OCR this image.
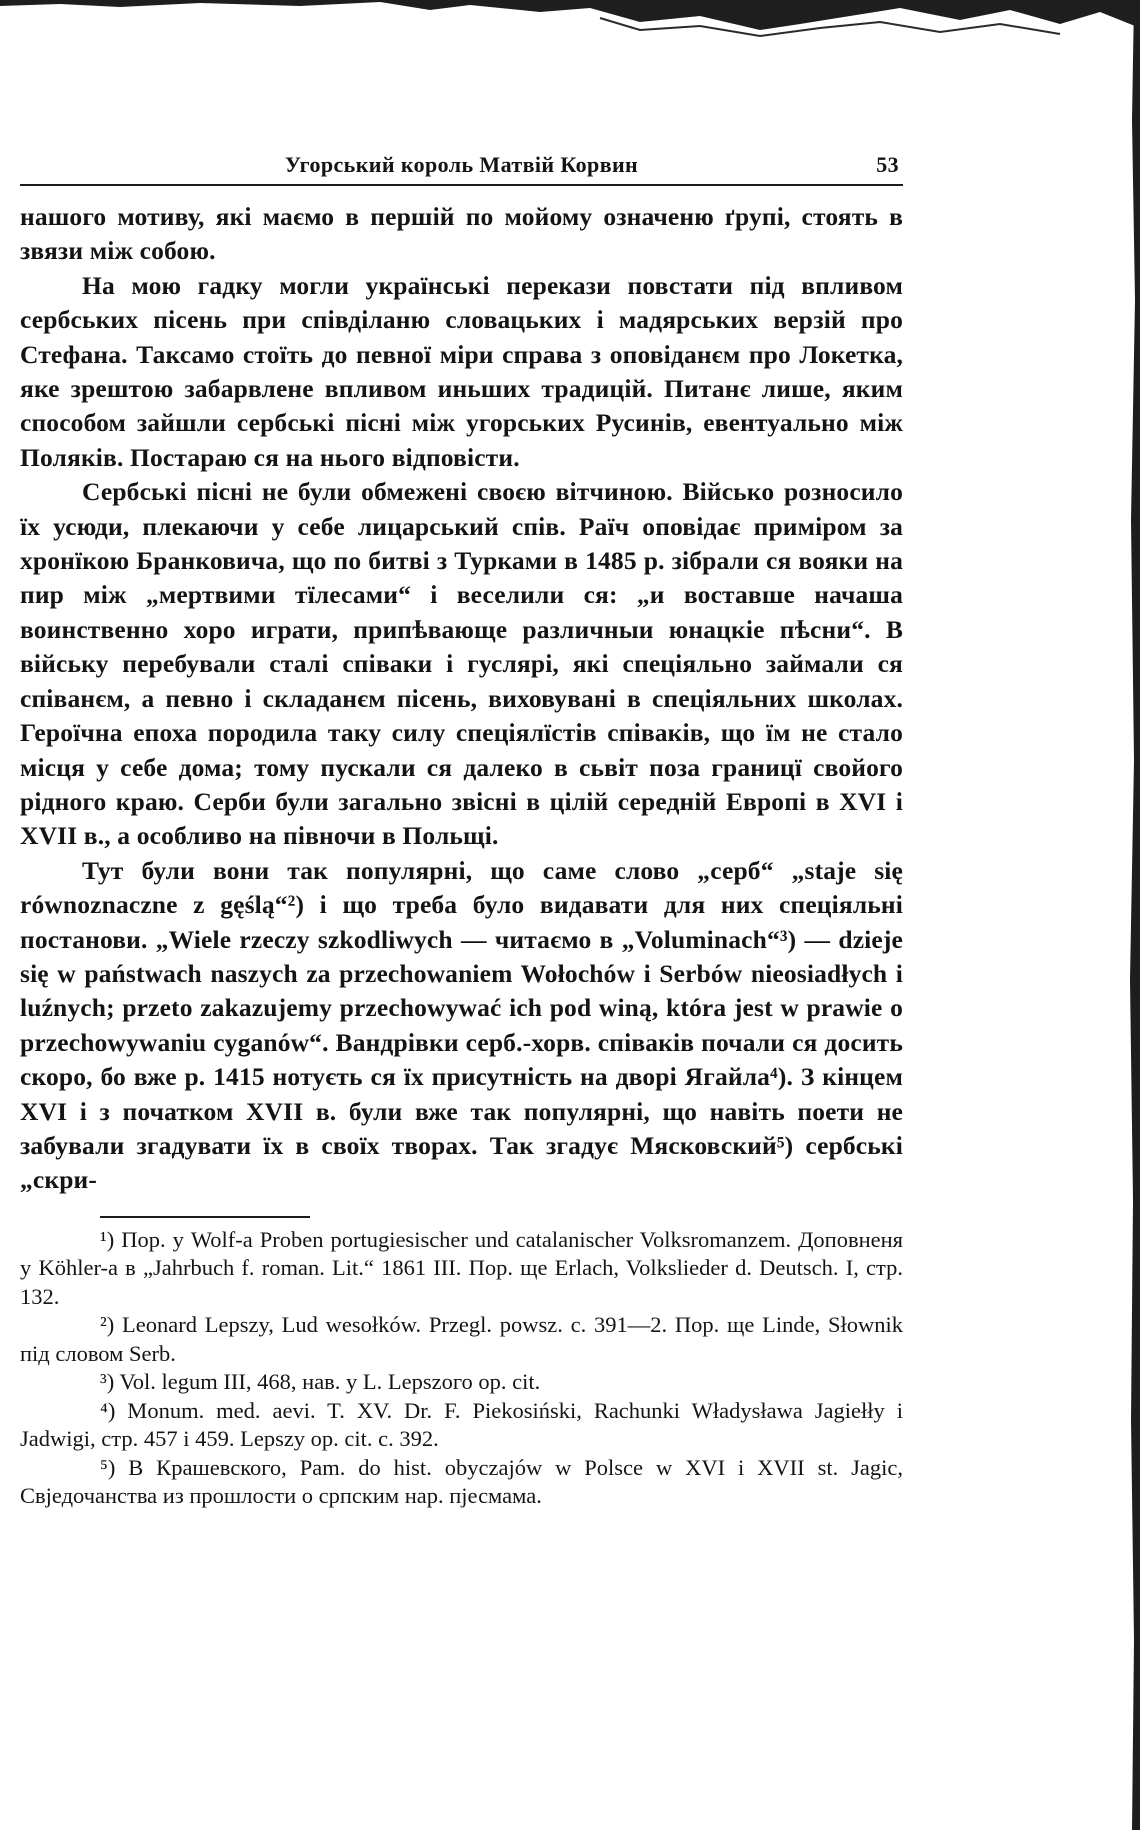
Угорський король Матвій Корвин	53

нашого мотиву, які маємо в першій по мойому означеню ґрупі, стоять в звязи між собою.

На мою гадку могли українські перекази повстати під впливом сербських пісень при співділаню словацьких і мадярських верзій про Стефана. Таксамо стоїть до певної міри справа з оповіданєм про Локетка, яке зрештою забарвлене впливом иньших традицій. Питанє лише, яким способом зайшли сербські пісні між угорських Русинів, евентуально між Поляків. Постараю ся на нього відповісти.

Сербські пісні не були обмежені своєю вітчиною. Військо розносило їх усюди, плекаючи у себе лицарський спів. Раїч оповідає приміром за хронїкою Бранковича, що по битві з Турками в 1485 р. зібрали ся вояки на пир між „мертвими тїлесами“ і веселили ся: „и воставше начаша воинственно хоро играти, припѣвающе различныи юнацкіе пѣсни“. В війську перебували сталі співаки і гуслярі, які спеціяльно займали ся співанєм, а певно і складанєм пісень, виховувані в спеціяльних школах. Героїчна епоха породила таку силу спеціялїстів співаків, що їм не стало місця у себе дома; тому пускали ся далеко в сьвіт поза границї свойого рідного краю. Серби були загально звісні в цілій середній Европі в XVI і XVII в., а особливо на півночи в Польщі.

Тут були вони так популярні, що саме слово „серб“ „staje się równoznaczne z gęślą“²) і що треба було видавати для них спеціяльні постанови. „Wiele rzeczy szkodliwych — читаємо в „Voluminach“³) — dzieje się w państwach naszych za przechowaniem Wołochów i Serbów nieosiadłych i luźnych; przeto zakazujemy przechowywać ich pod winą, która jest w prawie o przechowywaniu cyganów“. Вандрівки серб.-хорв. співаків почали ся досить скоро, бо вже р. 1415 нотуєть ся їх присутність на дворі Ягайла⁴). З кінцем XVI і з початком XVII в. були вже так популярні, що навіть поети не забували згадувати їх в своїх творах. Так згадує Мясковский⁵) сербські „скри-

¹) Пор. у Wolf-а Proben portugiesischer und catalanischer Volksromanzem. Доповненя у Köhler-а в „Jahrbuch f. roman. Lit.“ 1861 III. Пор. ще Erlach, Volkslieder d. Deutsch. I, стр. 132.

²) Leonard Lepszy, Lud wesołków. Przegl. powsz. c. 391—2. Пор. ще Linde, Słownik під словом Serb.

³) Vol. legum III, 468, нав. у L. Lepszого op. cit.

⁴) Monum. med. aevi. T. XV. Dr. F. Piekosiński, Rachunki Władysława Jagiełły i Jadwigi, стр. 457 і 459. Lepszy op. cit. c. 392.

⁵) В Крашевского, Pam. do hist. obyczajów w Polsce w XVI i XVII st. Jagic, Свједочанства из прошлости о српским нар. пјесмама.
